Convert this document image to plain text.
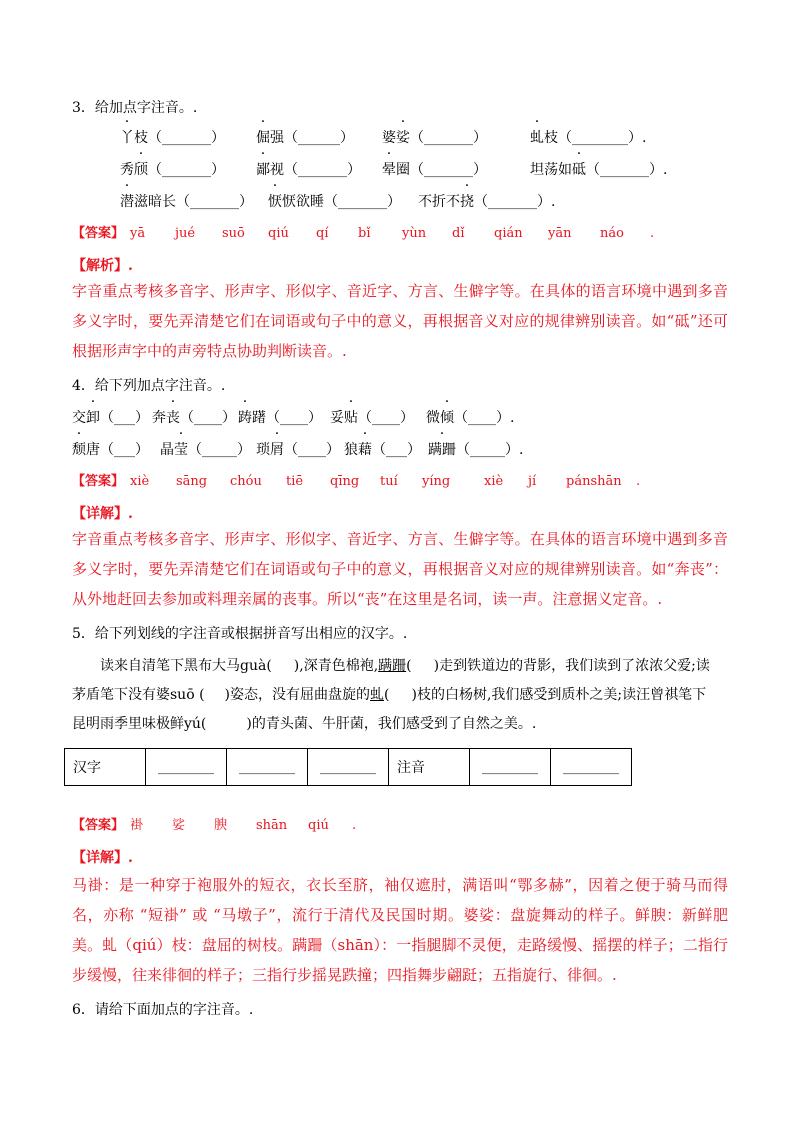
3．给加点字注音。.
丫枝（_______） 倔强（______） 婆娑（_______）	虬枝（________）.
秀颀（_______） 鄙视（_______） 晕圈（_______）	坦荡如砥（_______）.
潜滋暗长（_______） 恹恹欲睡（_______） 不折不挠（_______）.
【答案】 yā jué suō qiú qí bǐ yùn dǐ qián yān náo .
【解析】.
字音重点考核多音字、形声字、形似字、音近字、方言、生僻字等。在具体的语言环境中遇到多音多义字时，要先弄清楚它们在词语或句子中的意义，再根据音义对应的规律辨别读音。如“砥”还可根据形声字中的声旁特点协助判断读音。.
4．给下列加点字注音。.
交卸（___） 奔丧（____） 踌躇（____） 妥贴（____） 微倾（____）.
颓唐（___） 晶莹（_____） 琐屑（____） 狼藉（___） 蹒跚（_____）.
【答案】 xiè sāng chóu tiē qīng tuí yíng	xiè jí pánshān .
【详解】.
字音重点考核多音字、形声字、形似字、音近字、方言、生僻字等。在具体的语言环境中遇到多音多义字时，要先弄清楚它们在词语或句子中的意义，再根据音义对应的规律辨别读音。如“奔丧”：从外地赶回去参加或料理亲属的丧事。所以“丧”在这里是名词，读一声。注意据义定音。.
5．给下列划线的字注音或根据拼音写出相应的汉字。.
读来自清笔下黑布大马guà( ),深青色棉袍,蹒跚( )走到铁道边的背影，我们读到了浓浓父爱;读
茅盾笔下没有婆suō ( )姿态，没有屈曲盘旋的虬( )枝的白杨树,我们感受到质朴之美;读汪曾祺笔下
昆明雨季里味极鲜yú(	)的青头菌、牛肝菌，我们感受到了自然之美。.
汉字	________	________	________	注音	________	________
【答案】 褂 娑 腴 shān qiú .
【详解】.
马褂：是一种穿于袍服外的短衣，衣长至脐，袖仅遮肘，满语叫“鄂多赫”，因着之便于骑马而得名，亦称 “短褂” 或 “马墩子”，流行于清代及民国时期。婆娑：盘旋舞动的样子。鲜腴：新鲜肥美。虬（qiú）枝：盘屈的树枝。蹒跚（shān）：一指腿脚不灵便，走路缓慢、摇摆的样子；二指行步缓慢，往来徘徊的样子；三指行步摇晃跌撞；四指舞步翩跹；五指旋行、徘徊。.
6．请给下面加点的字注音。.
